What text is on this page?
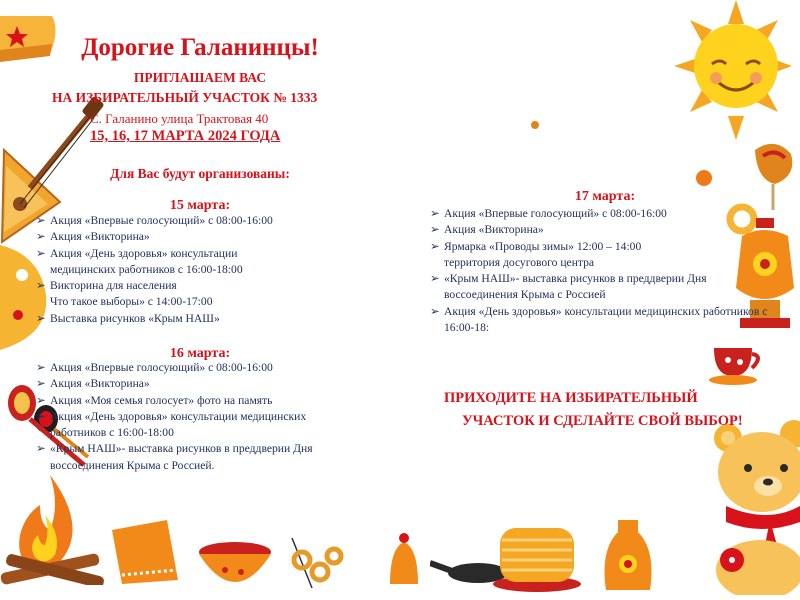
Дорогие Галанинцы!
ПРИГЛАШАЕМ ВАС
НА ИЗБИРАТЕЛЬНЫЙ УЧАСТОК № 1333
С. Галанино улица Трактовая 40
15, 16, 17 МАРТА 2024 ГОДА
Для Вас будут организованы:
15 марта:
➢ Акция «Впервые голосующий» с 08:00-16:00
➢ Акция «Викторина»
➢ Акция «День здоровья» консультации
медицинских работников с 16:00-18:00
➢ Викторина для населения
Что такое выборы» с 14:00-17:00
➢ Выставка рисунков «Крым НАШ»
16 марта:
➢ Акция «Впервые голосующий» с 08:00-16:00
➢ Акция «Викторина»
➢ Акция «Моя семья голосует» фото на память
➢ Акция «День здоровья» консультации медицинских
работников с 16:00-18:00
➢ «Крым НАШ»- выставка рисунков в преддверии Дня
воссоединения Крыма с Россией.
17 марта:
➢ Акция «Впервые голосующий» с 08:00-16:00
➢ Акция «Викторина»
➢ Ярмарка «Проводы зимы» 12:00 – 14:00
территория досугового центра
➢ «Крым НАШ»- выставка рисунков в преддверии Дня
воссоединения Крыма с Россией
➢ Акция «День здоровья» консультации медицинских работников с
16:00-18:
ПРИХОДИТЕ НА ИЗБИРАТЕЛЬНЫЙ
УЧАСТОК И СДЕЛАЙТЕ СВОЙ ВЫБОР!
